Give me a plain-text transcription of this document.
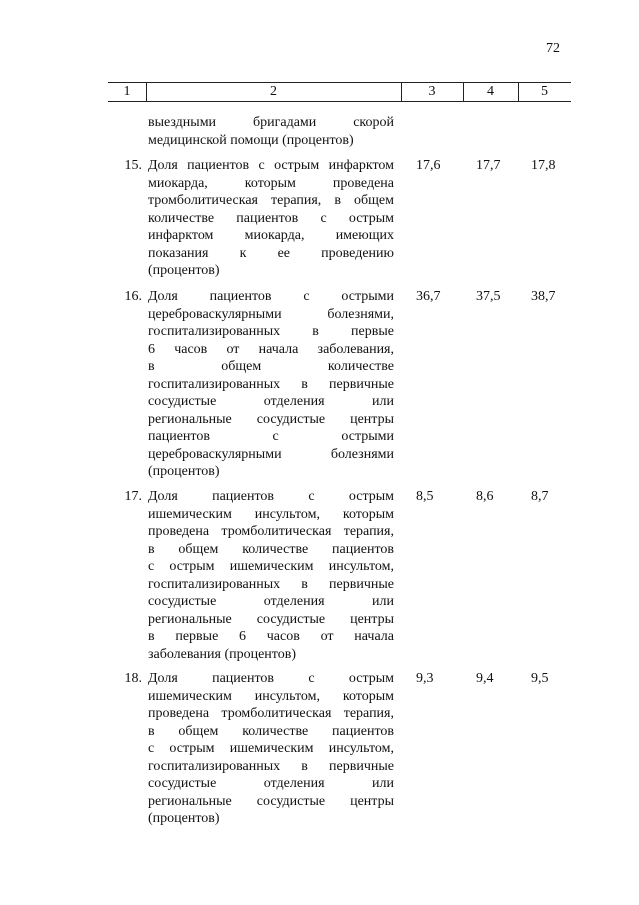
72
1	2	3	4	5
выездными бригадами скорой
медицинской помощи (процентов)
15. Доля пациентов с острым инфарктом
миокарда, которым проведена
тромболитическая терапия, в общем
количестве пациентов с острым
инфарктом миокарда, имеющих
показания к ее проведению
(процентов)
17,6	17,7 17,8
16. Доля пациентов с острыми
цереброваскулярными болезнями,
госпитализированных в первые
6 часов от начала заболевания,
в общем количестве
госпитализированных в первичные
сосудистые отделения или
региональные сосудистые центры
пациентов с острыми
цереброваскулярными болезнями
(процентов)
36,7	37,5 38,7
17. Доля пациентов с острым
ишемическим инсультом, которым
проведена тромболитическая терапия,
в общем количестве пациентов
с острым ишемическим инсультом,
госпитализированных в первичные
сосудистые отделения или
региональные сосудистые центры
в первые 6 часов от начала
заболевания (процентов)
8,5	8,6	8,7
18. Доля пациентов с острым
ишемическим инсультом, которым
проведена тромболитическая терапия,
в общем количестве пациентов
с острым ишемическим инсультом,
госпитализированных в первичные
сосудистые отделения или
региональные сосудистые центры
(процентов)
9,3	9,4	9,5
